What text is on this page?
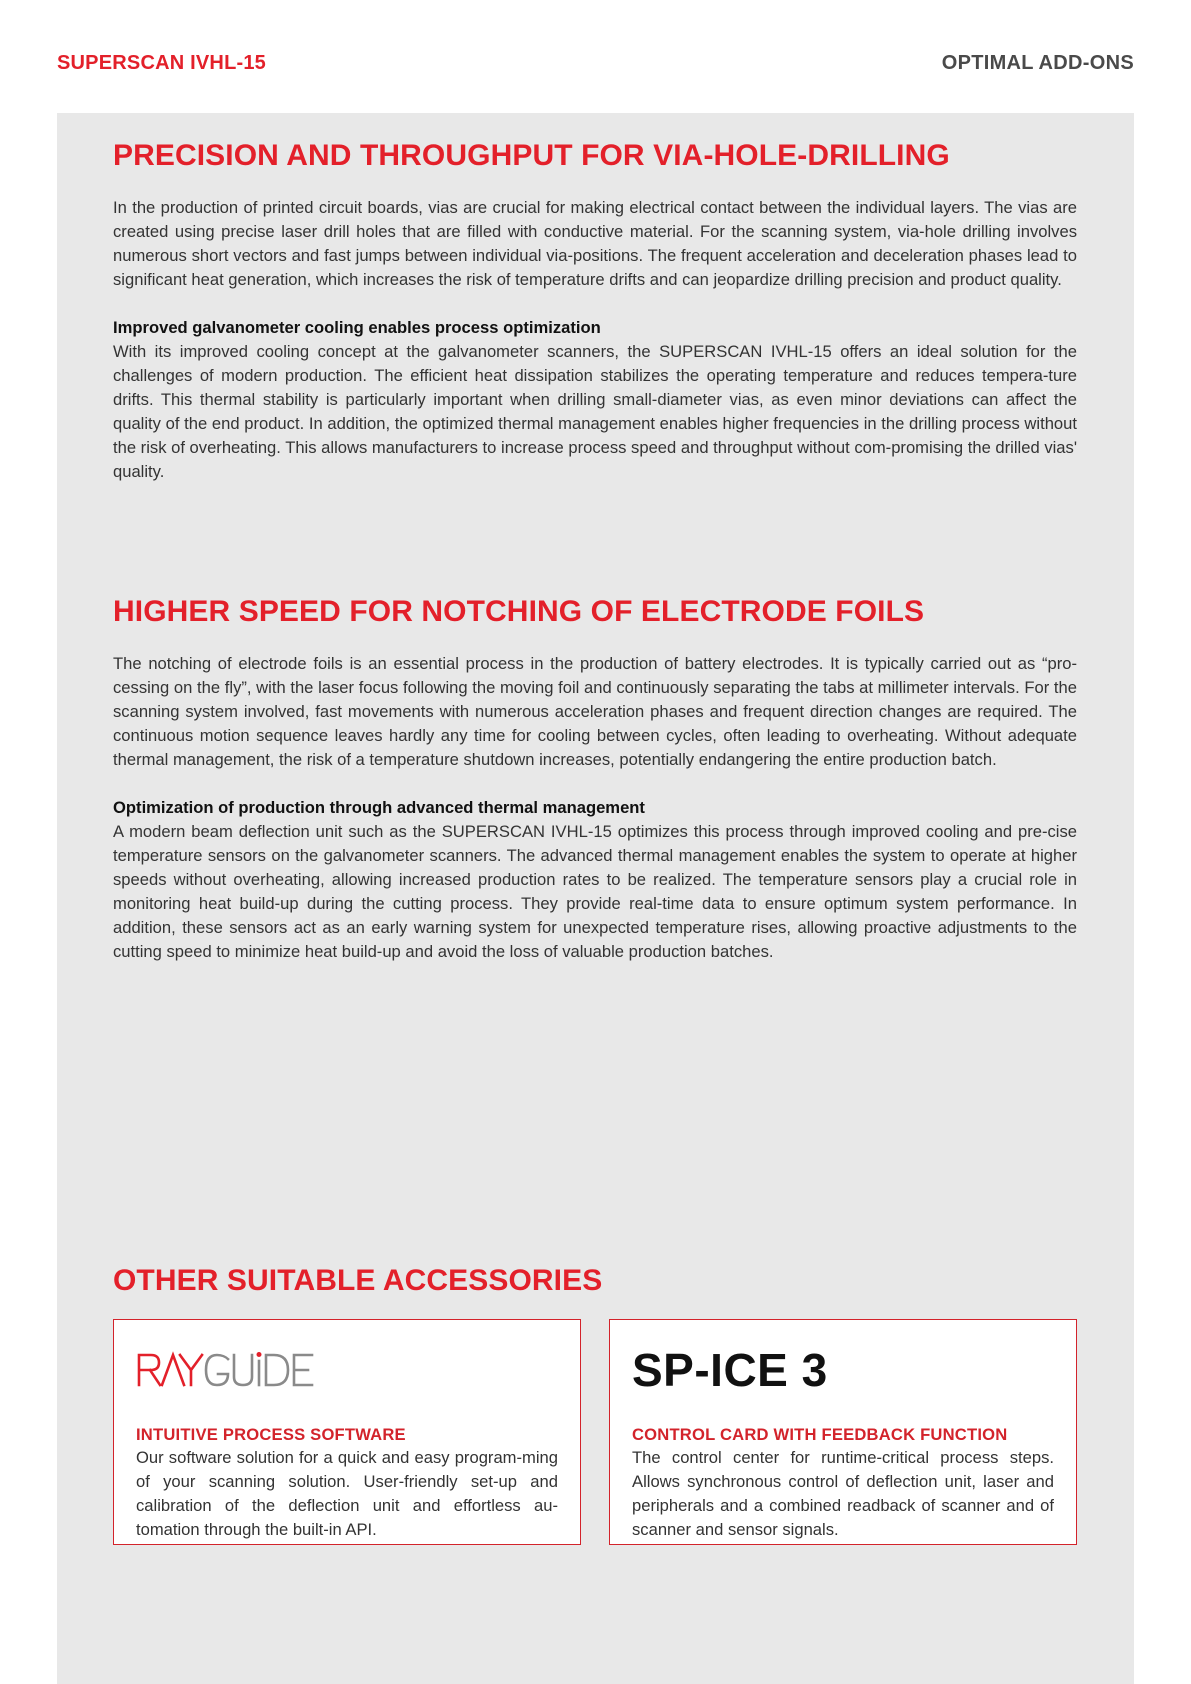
SUPERSCAN IVHL-15	OPTIMAL ADD-ONS
PRECISION AND THROUGHPUT FOR VIA-HOLE-DRILLING

In the production of printed circuit boards, vias are crucial for making electrical contact between the individual layers. The vias are created using precise laser drill holes that are filled with conductive material. For the scanning system, via-hole drilling involves numerous short vectors and fast jumps between individual via-positions. The frequent acceleration and deceleration phases lead to significant heat generation, which increases the risk of temperature drifts and can jeopardize drilling precision and product quality.

Improved galvanometer cooling enables process optimization

With its improved cooling concept at the galvanometer scanners, the SUPERSCAN IVHL-15 offers an ideal solution for the challenges of modern production. The efficient heat dissipation stabilizes the operating temperature and reduces tempera-ture drifts. This thermal stability is particularly important when drilling small-diameter vias, as even minor deviations can affect the quality of the end product. In addition, the optimized thermal management enables higher frequencies in the drilling process without the risk of overheating. This allows manufacturers to increase process speed and throughput without com-promising the drilled vias' quality.

HIGHER SPEED FOR NOTCHING OF ELECTRODE FOILS

The notching of electrode foils is an essential process in the production of battery electrodes. It is typically carried out as “pro-cessing on the fly”, with the laser focus following the moving foil and continuously separating the tabs at millimeter intervals. For the scanning system involved, fast movements with numerous acceleration phases and frequent direction changes are required. The continuous motion sequence leaves hardly any time for cooling between cycles, often leading to overheating. Without adequate thermal management, the risk of a temperature shutdown increases, potentially endangering the entire production batch.

Optimization of production through advanced thermal management

A modern beam deflection unit such as the SUPERSCAN IVHL-15 optimizes this process through improved cooling and pre-cise temperature sensors on the galvanometer scanners. The advanced thermal management enables the system to operate at higher speeds without overheating, allowing increased production rates to be realized. The temperature sensors play a crucial role in monitoring heat build-up during the cutting process. They provide real-time data to ensure optimum system performance. In addition, these sensors act as an early warning system for unexpected temperature rises, allowing proactive adjustments to the cutting speed to minimize heat build-up and avoid the loss of valuable production batches.

OTHER SUITABLE ACCESSORIES
INTUITIVE PROCESS SOFTWARE

Our software solution for a quick and easy program-ming of your scanning solution. User-friendly set-up and calibration of the deflection unit and effortless au-tomation through the built-in API.

SP-ICE 3
CONTROL CARD WITH FEEDBACK FUNCTION

The control center for runtime-critical process steps. Allows synchronous control of deflection unit, laser and peripherals and a combined readback of scanner and of scanner and sensor signals.
